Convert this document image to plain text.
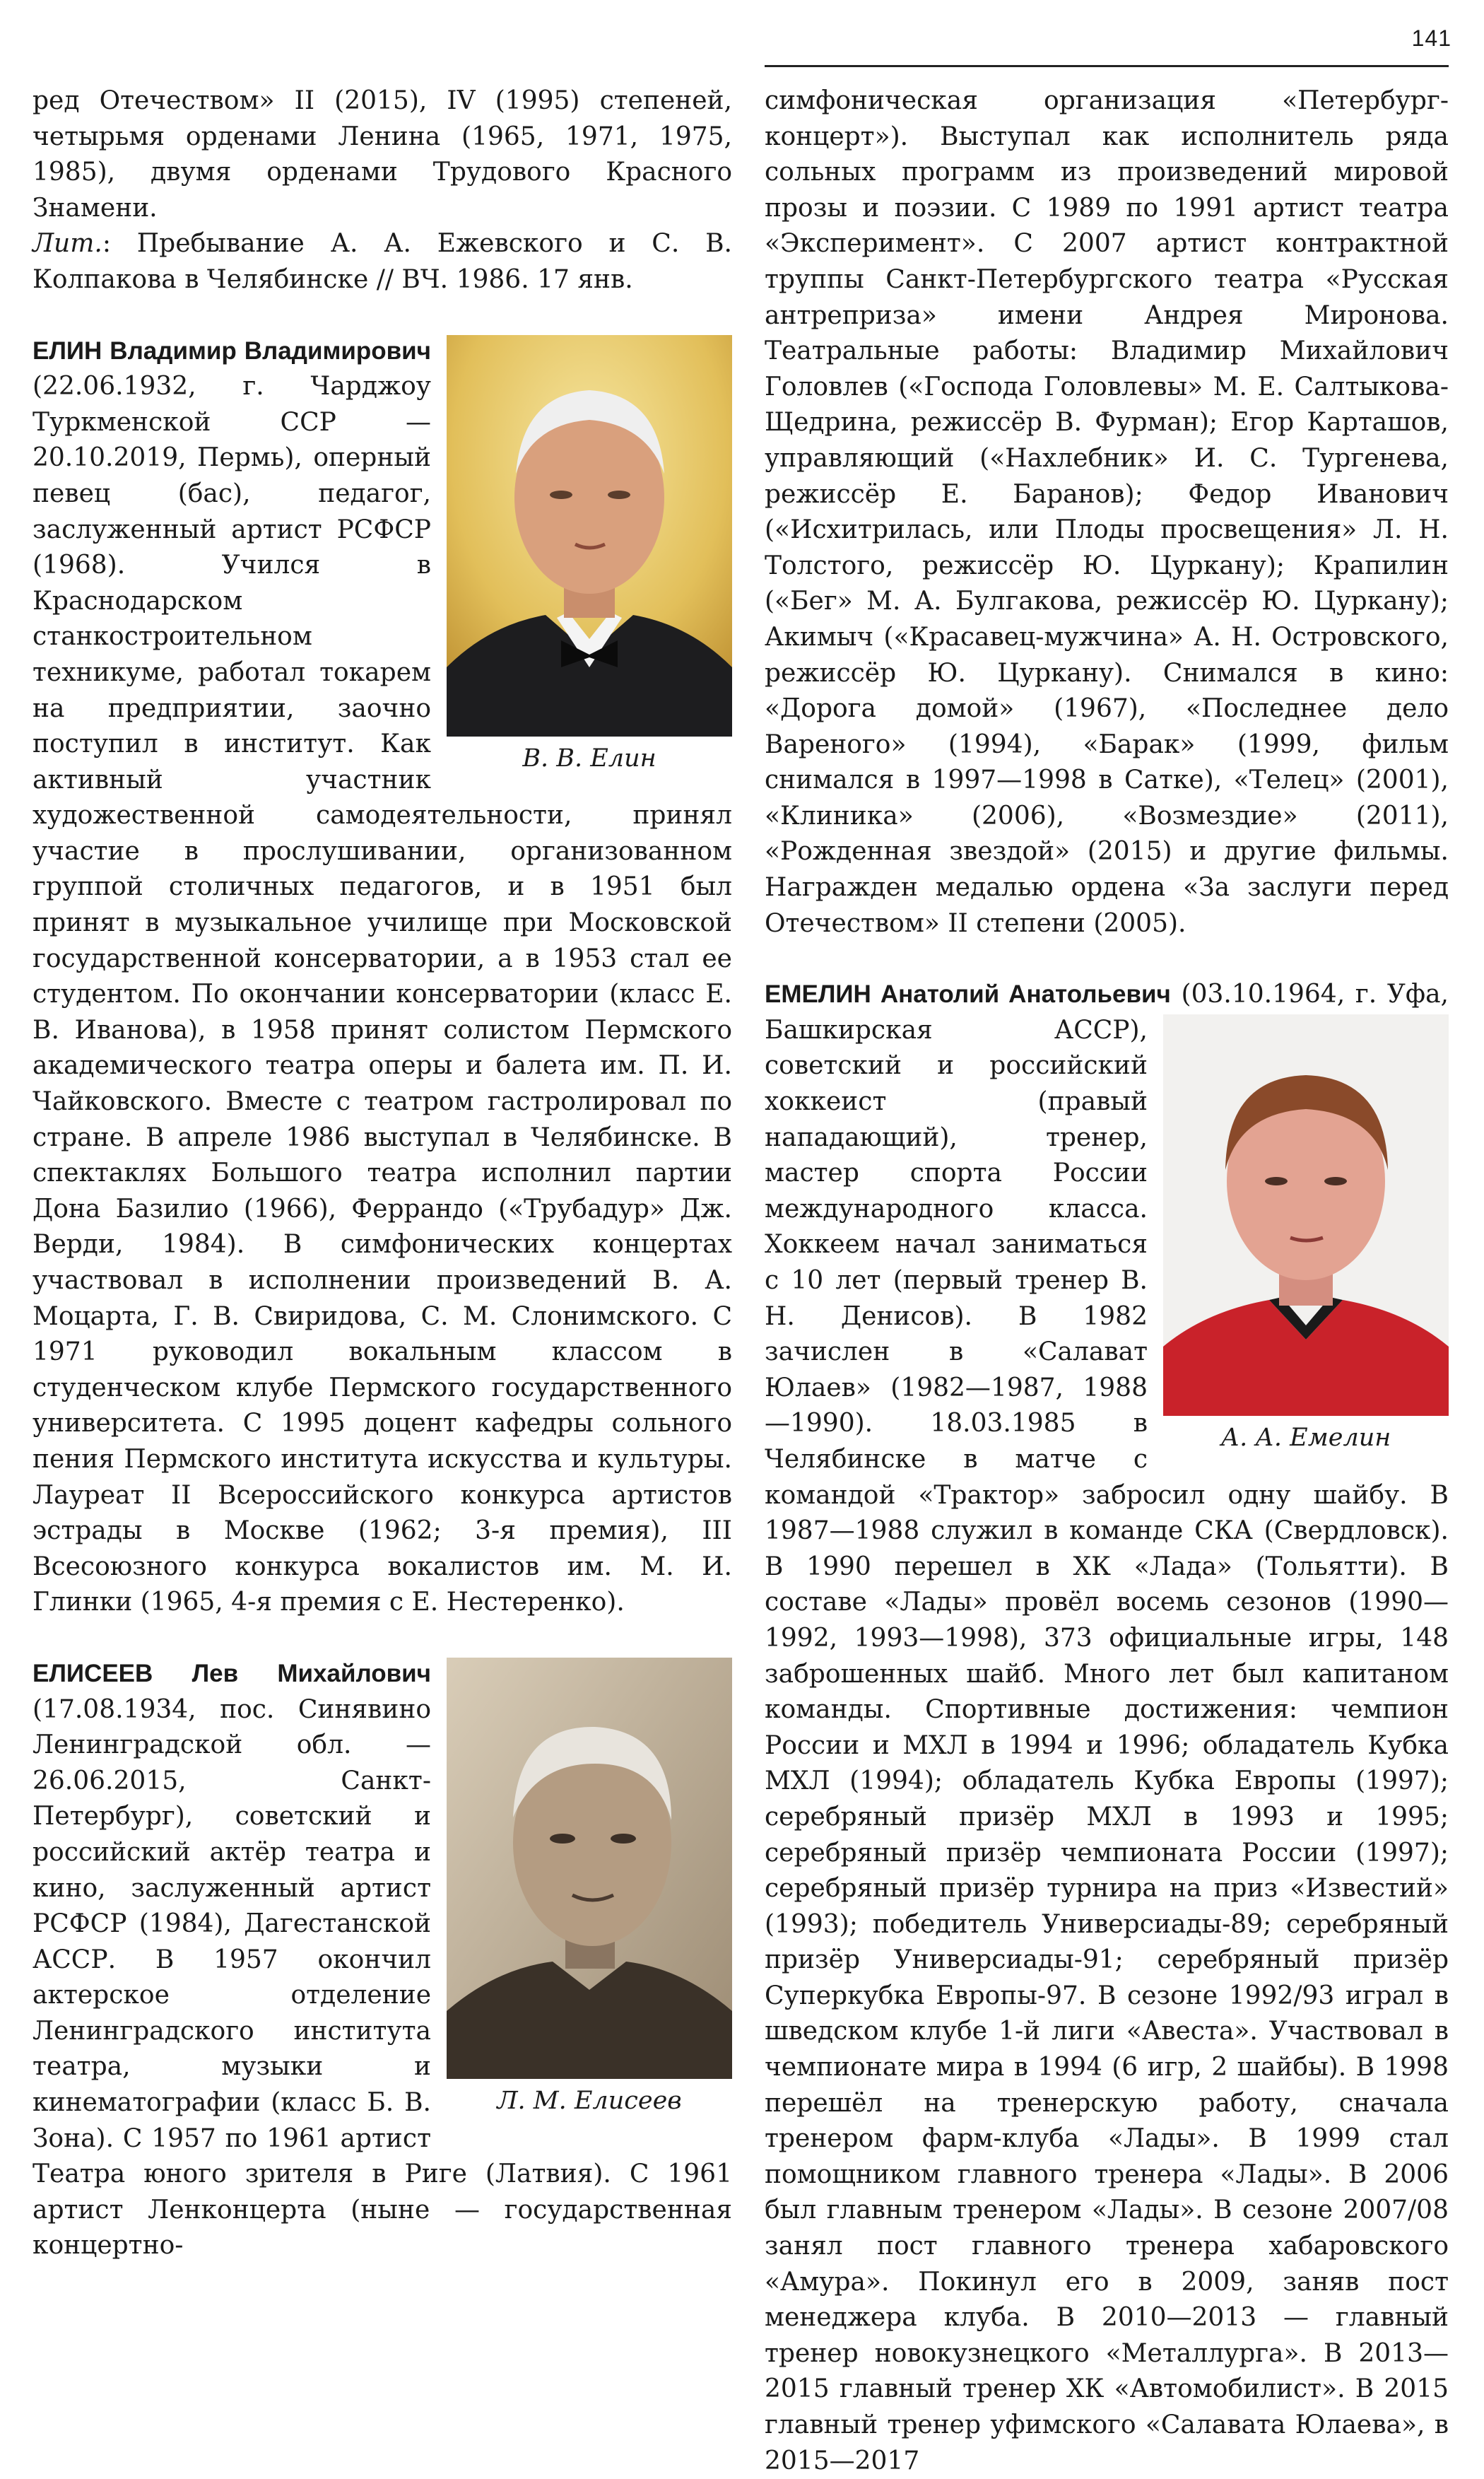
141

ред Отечеством» II (2015), IV (1995) степеней, четырьмя орденами Ленина (1965, 1971, 1975, 1985), двумя орденами Трудового Красного Знамени.

Лит.: Пребывание А. А. Ежевского и С. В. Колпакова в Челябинске // ВЧ. 1986. 17 янв.

ЕЛИН Владимир Владимирович
В. В. Елин
(22.06.1932, г. Чарджоу Туркменской ССР — 20.10.2019, Пермь), оперный певец (бас), педагог, заслуженный артист РСФСР (1968). Учился в Краснодарском станкостроительном техникуме, работал токарем на предприятии, заочно поступил в институт. Как активный участник художественной самодеятельности, принял участие в прослушивании, организованном группой столичных педагогов, и в 1951 был принят в музыкальное училище при Московской государственной консерватории, а в 1953 стал ее студентом. По окончании консерватории (класс Е. В. Иванова), в 1958 принят солистом Пермского академического театра оперы и балета им. П. И. Чайковского. Вместе с театром гастролировал по стране. В апреле 1986 выступал в Челябинске. В спектаклях Большого театра исполнил партии Дона Базилио (1966), Феррандо («Трубадур» Дж. Верди, 1984). В симфонических концертах участвовал в исполнении произведений В. А. Моцарта, Г. В. Свиридова, С. М. Слонимского. С 1971 руководил вокальным классом в студенческом клубе Пермского государственного университета. С 1995 доцент кафедры сольного пения Пермского института искусства и культуры. Лауреат II Всероссийского конкурса артистов эстрады в Москве (1962; 3-я премия), III Всесоюзного конкурса вокалистов им. М. И. Глинки (1965, 4-я премия с Е. Нестеренко).

ЕЛИСЕЕВ Лев Михайлович
Л. М. Елисеев
(17.08.1934, пос. Синявино Ленинградской обл. — 26.06.2015, Санкт-Петербург), советский и российский актёр театра и кино, заслуженный артист РСФСР (1984), Дагестанской АССР. В 1957 окончил актерское отделение Ленинградского института театра, музыки и кинематографии (класс Б. В. Зона). С 1957 по 1961 артист Театра юного зрителя в Риге (Латвия). С 1961 артист Ленконцерта (ныне — государственная концертно-

симфоническая организация «Петербург-концерт»). Выступал как исполнитель ряда сольных программ из произведений мировой прозы и поэзии. С 1989 по 1991 артист театра «Эксперимент». С 2007 артист контрактной труппы Санкт-Петербургского театра «Русская антреприза» имени Андрея Миронова. Театральные работы: Владимир Михайлович Головлев («Господа Головлевы» М. Е. Салтыкова-Щедрина, режиссёр В. Фурман); Егор Карташов, управляющий («Нахлебник» И. С. Тургенева, режиссёр Е. Баранов); Федор Иванович («Исхитрилась, или Плоды просвещения» Л. Н. Толстого, режиссёр Ю. Цуркану); Крапилин («Бег» М. А. Булгакова, режиссёр Ю. Цуркану); Акимыч («Красавец-мужчина» А. Н. Островского, режиссёр Ю. Цуркану). Снимался в кино: «Дорога домой» (1967), «Последнее дело Вареного» (1994), «Барак» (1999, фильм снимался в 1997—1998 в Сатке), «Телец» (2001), «Клиника» (2006), «Возмездие» (2011), «Рожденная звездой» (2015) и другие фильмы. Награжден медалью ордена «За заслуги перед Отечеством» II степени (2005).

ЕМЕЛИН Анатолий Анатольевич
А. А. Емелин
(03.10.1964, г. Уфа, Башкирская АССР), советский и российский хоккеист (правый нападающий), тренер, мастер спорта России международного класса. Хоккеем начал заниматься с 10 лет (первый тренер В. Н. Денисов). В 1982 зачислен в «Салават Юлаев» (1982—1987, 1988—1990). 18.03.1985 в Челябинске в матче с командой «Трактор» забросил одну шайбу. В 1987—1988 служил в команде СКА (Свердловск). В 1990 перешел в ХК «Лада» (Тольятти). В составе «Лады» провёл восемь сезонов (1990—1992, 1993—1998), 373 официальные игры, 148 заброшенных шайб. Много лет был капитаном команды. Спортивные достижения: чемпион России и МХЛ в 1994 и 1996; обладатель Кубка МХЛ (1994); обладатель Кубка Европы (1997); серебряный призёр МХЛ в 1993 и 1995; серебряный призёр чемпионата России (1997); серебряный призёр турнира на приз «Известий» (1993); победитель Универсиады-89; серебряный призёр Универсиады-91; серебряный призёр Суперкубка Европы-97. В сезоне 1992/93 играл в шведском клубе 1-й лиги «Авеста». Участвовал в чемпионате мира в 1994 (6 игр, 2 шайбы). В 1998 перешёл на тренерскую работу, сначала тренером фарм-клуба «Лады». В 1999 стал помощником главного тренера «Лады». В 2006 был главным тренером «Лады». В сезоне 2007/08 занял пост главного тренера хабаровского «Амура». Покинул его в 2009, заняв пост менеджера клуба. В 2010—2013 — главный тренер новокузнецкого «Металлурга». В 2013—2015 главный тренер ХК «Автомобилист». В 2015 главный тренер уфимского «Салавата Юлаева», в 2015—2017
